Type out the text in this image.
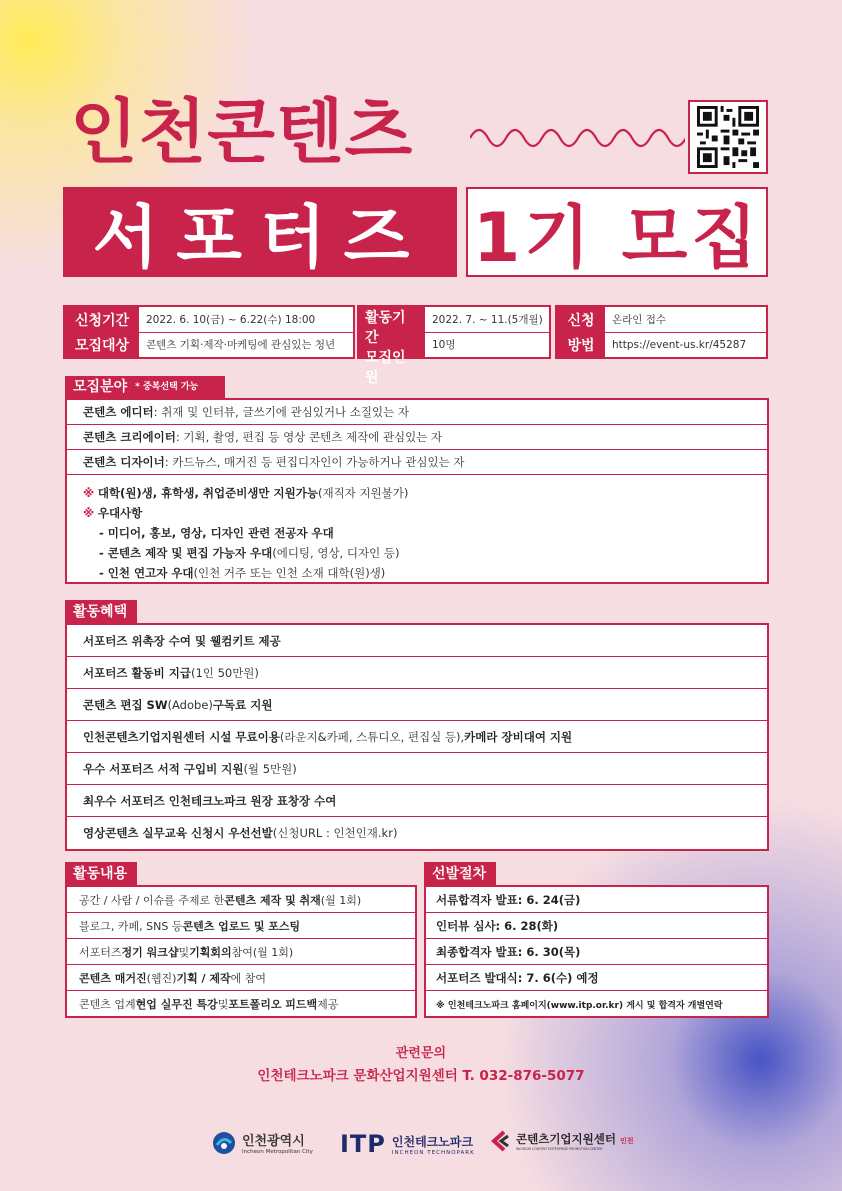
인천콘텐츠
서포터즈 1기 모집
신청기간
모집대상
2022. 6. 10(금) ~ 6.22(수) 18:00
콘텐츠 기획·제작·마케팅에 관심있는 청년
활동기간
모집인원
2022. 7. ~ 11.(5개월)
10명
신청
방법
온라인 접수
https://event-us.kr/45287
모집분야 * 중복선택 가능
콘텐츠 에디터 : 취재 및 인터뷰, 글쓰기에 관심있거나 소질있는 자
콘텐츠 크리에이터 : 기획, 촬영, 편집 등 영상 콘텐츠 제작에 관심있는 자
콘텐츠 디자이너 : 카드뉴스, 매거진 등 편집디자인이 가능하거나 관심있는 자
※ 대학(원)생, 휴학생, 취업준비생만 지원가능(재직자 지원불가)
※ 우대사항
- 미디어, 홍보, 영상, 디자인 관련 전공자 우대
- 콘텐츠 제작 및 편집 가능자 우대(에디팅, 영상, 디자인 등)
- 인천 연고자 우대(인천 거주 또는 인천 소재 대학(원)생)
활동혜택
서포터즈 위촉장 수여 및 웰컴키트 제공
서포터즈 활동비 지급 (1인 50만원)
콘텐츠 편집 SW (Adobe) 구독료 지원
인천콘텐츠기업지원센터 시설 무료이용 (라운지&카페, 스튜디오, 편집실 등), 카메라 장비대여 지원
우수 서포터즈 서적 구입비 지원 (월 5만원)
최우수 서포터즈 인천테크노파크 원장 표창장 수여
영상콘텐츠 실무교육 신청시 우선선발 (신청URL : 인천인재.kr)
활동내용
공간 / 사람 / 이슈를 주제로 한 콘텐츠 제작 및 취재 (월 1회)
블로그, 카페, SNS 등 콘텐츠 업로드 및 포스팅
서포터즈 정기 워크샵 및 기획회의 참여(월 1회)
콘텐츠 매거진 (웹진) 기획 / 제작 에 참여
콘텐츠 업계 현업 실무진 특강 및 포트폴리오 피드백 제공
선발절차
서류합격자 발표: 6. 24(금)
인터뷰 심사: 6. 28(화)
최종합격자 발표: 6. 30(목)
서포터즈 발대식: 7. 6(수) 예정
※ 인천테크노파크 홈페이지(www.itp.or.kr) 게시 및 합격자 개별연락
관련문의
인천테크노파크 문화산업지원센터 T. 032-876-5077
인천광역시
Incheon Metropolitan City ITP 인천테크노파크
INCHEON TECHNOPARK
콘텐츠기업지원센터 인천
INCHEON CONTENT ENTERPRISE PROMOTION CENTER
